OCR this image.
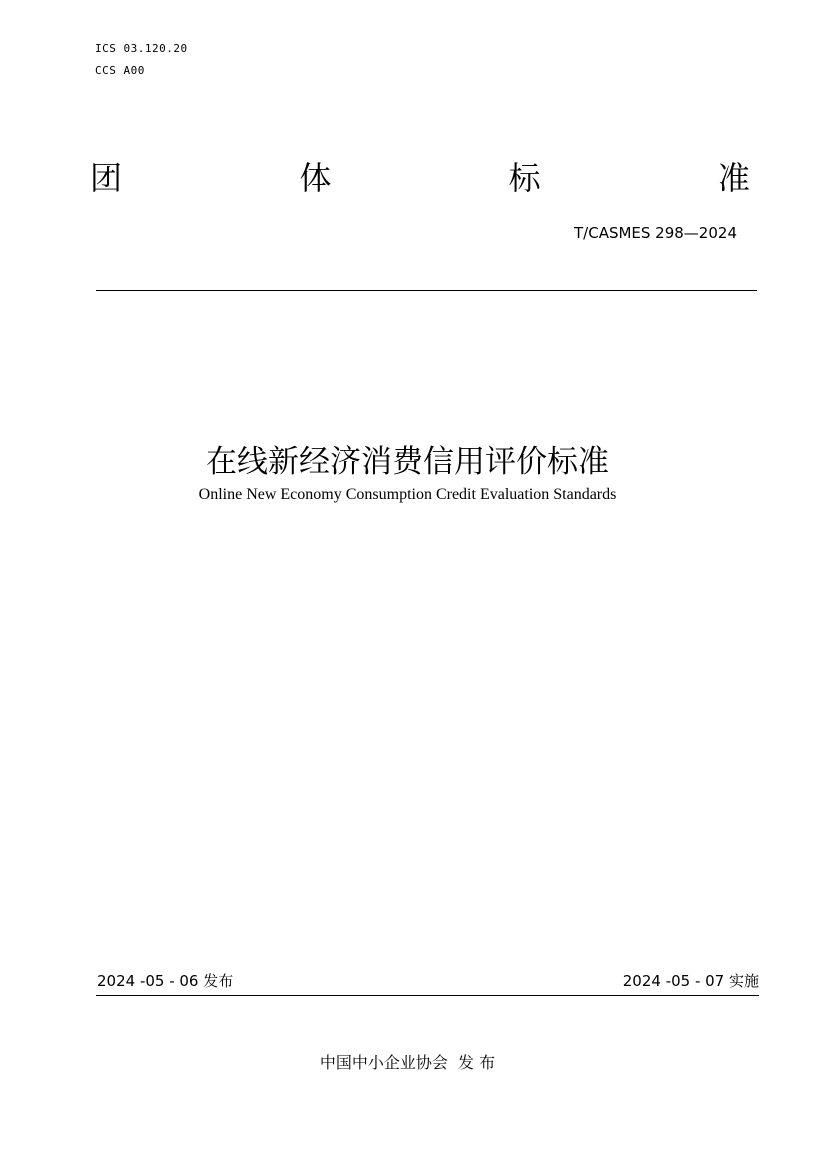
ICS 03.120.20
CCS A00
团	体	标	准
T/CASMES 298—2024
在线新经济消费信用评价标准
Online New Economy Consumption Credit Evaluation Standards
2024 -05 - 06 发布	2024 -05 - 07 实施
中国中小企业协会  发 布
